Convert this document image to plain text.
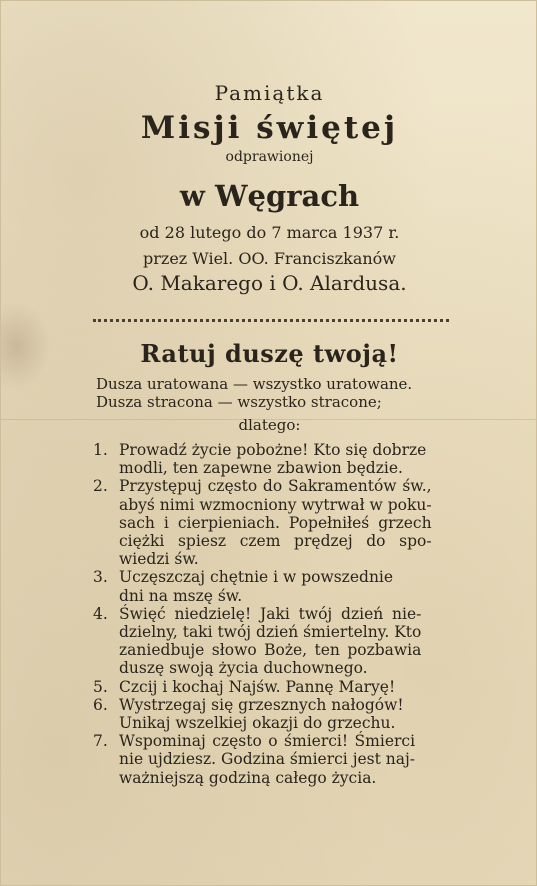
Pamiątka
Misji świętej
odprawionej
w Węgrach
od 28 lutego do 7 marca 1937 r.
przez Wiel. OO. Franciszkanów
O. Makarego i O. Alardusa.
Ratuj duszę twoją!
Dusza uratowana — wszystko uratowane.
Dusza stracona — wszystko stracone;
dlatego:
1. Prowadź życie pobożne! Kto się dobrze
modli, ten zapewne zbawion będzie.
2. Przystępuj często do Sakramentów św.,
abyś nimi wzmocniony wytrwał w poku-
sach i cierpieniach. Popełniłeś grzech
ciężki spiesz czem prędzej do spo-
wiedzi św.
3. Uczęszczaj chętnie i w powszednie
dni na mszę św.
4. Święć niedzielę! Jaki twój dzień nie-
dzielny, taki twój dzień śmiertelny. Kto
zaniedbuje słowo Boże, ten pozbawia
duszę swoją życia duchownego.
5. Czcij i kochaj Najśw. Pannę Maryę!
6. Wystrzegaj się grzesznych nałogów!
Unikaj wszelkiej okazji do grzechu.
7. Wspominaj często o śmierci! Śmierci
nie ujdziesz. Godzina śmierci jest naj-
ważniejszą godziną całego życia.
